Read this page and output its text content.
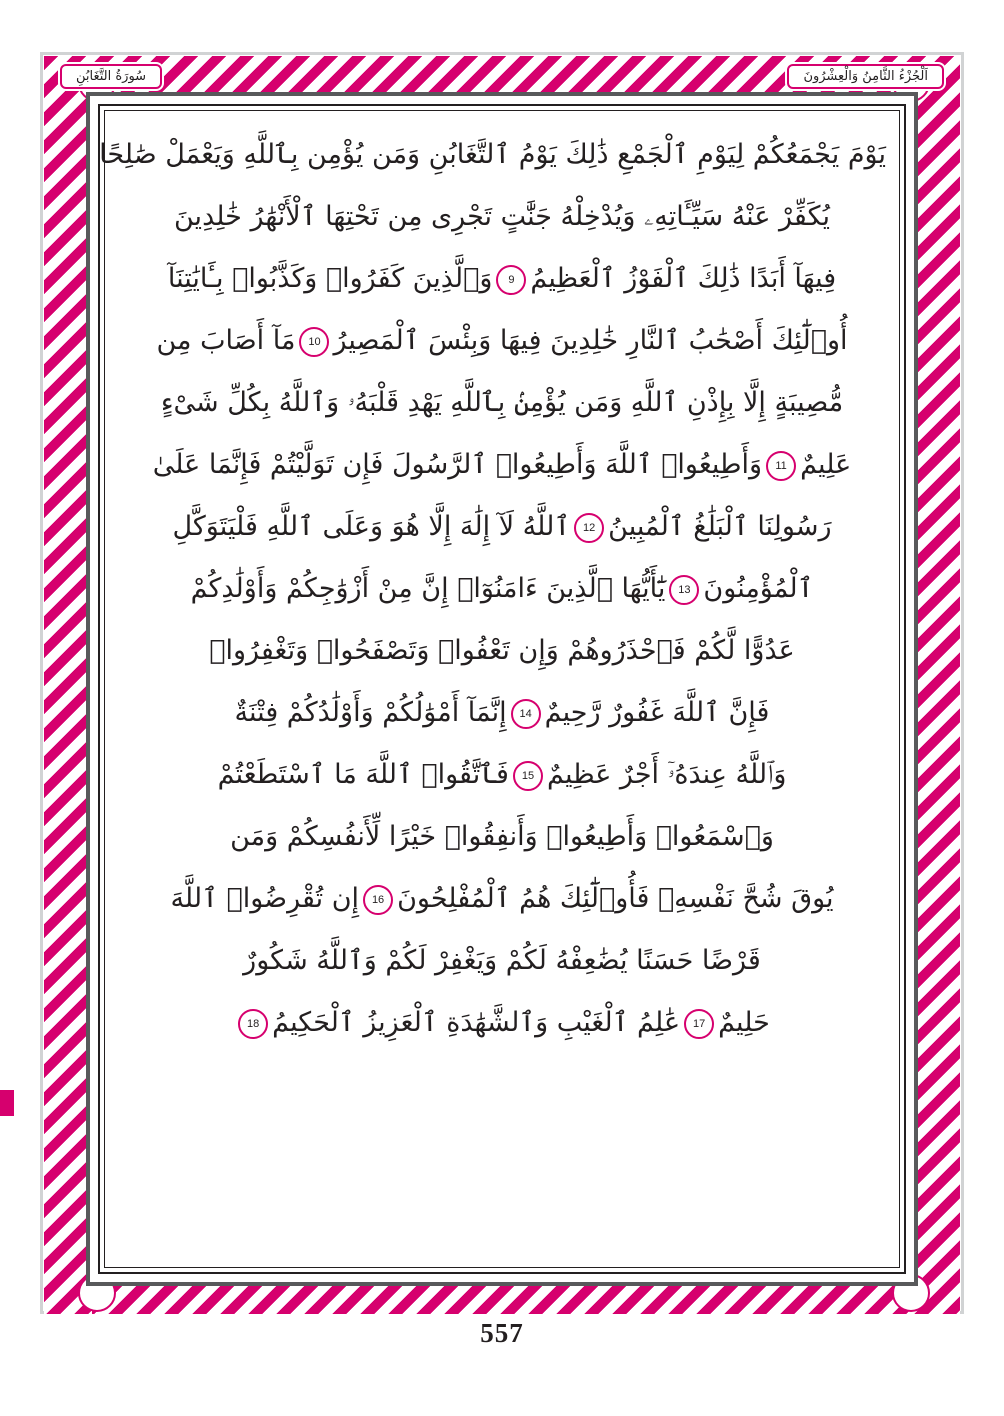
سُورَةُ التَّغَابُنِ	اَلْجُزْءُ الثَّامِنُ وَالْعِشْرُونَ
يَوْمَ يَجْمَعُكُمْ لِيَوْمِ ٱلْجَمْعِ ذَٰلِكَ يَوْمُ ٱلتَّغَابُنِ وَمَن يُؤْمِن بِٱللَّهِ وَيَعْمَلْ صَٰلِحًا
يُكَفِّرْ عَنْهُ سَيِّـَٔاتِهِۦ وَيُدْخِلْهُ جَنَّٰتٍ تَجْرِى مِن تَحْتِهَا ٱلْأَنْهَٰرُ خَٰلِدِينَ
فِيهَآ أَبَدًا ذَٰلِكَ ٱلْفَوْزُ ٱلْعَظِيمُ9وَٱلَّذِينَ كَفَرُوا۟ وَكَذَّبُوا۟ بِـَٔايَٰتِنَآ
أُو۟لَٰٓئِكَ أَصْحَٰبُ ٱلنَّارِ خَٰلِدِينَ فِيهَا وَبِئْسَ ٱلْمَصِيرُ10مَآ أَصَابَ مِن
مُّصِيبَةٍ إِلَّا بِإِذْنِ ٱللَّهِ وَمَن يُؤْمِنۢ بِٱللَّهِ يَهْدِ قَلْبَهُۥ وَٱللَّهُ بِكُلِّ شَىْءٍ
عَلِيمٌ11وَأَطِيعُوا۟ ٱللَّهَ وَأَطِيعُوا۟ ٱلرَّسُولَ فَإِن تَوَلَّيْتُمْ فَإِنَّمَا عَلَىٰ
رَسُولِنَا ٱلْبَلَٰغُ ٱلْمُبِينُ12ٱللَّهُ لَآ إِلَٰهَ إِلَّا هُوَ وَعَلَى ٱللَّهِ فَلْيَتَوَكَّلِ
ٱلْمُؤْمِنُونَ13يَٰٓأَيُّهَا ٱلَّذِينَ ءَامَنُوٓا۟ إِنَّ مِنْ أَزْوَٰجِكُمْ وَأَوْلَٰدِكُمْ
عَدُوًّا لَّكُمْ فَٱحْذَرُوهُمْ وَإِن تَعْفُوا۟ وَتَصْفَحُوا۟ وَتَغْفِرُوا۟
فَإِنَّ ٱللَّهَ غَفُورٌ رَّحِيمٌ14إِنَّمَآ أَمْوَٰلُكُمْ وَأَوْلَٰدُكُمْ فِتْنَةٌ
وَٱللَّهُ عِندَهُۥٓ أَجْرٌ عَظِيمٌ15فَٱتَّقُوا۟ ٱللَّهَ مَا ٱسْتَطَعْتُمْ
وَٱسْمَعُوا۟ وَأَطِيعُوا۟ وَأَنفِقُوا۟ خَيْرًا لِّأَنفُسِكُمْ وَمَن
يُوقَ شُحَّ نَفْسِهِۦ فَأُو۟لَٰٓئِكَ هُمُ ٱلْمُفْلِحُونَ16إِن تُقْرِضُوا۟ ٱللَّهَ
قَرْضًا حَسَنًا يُضَٰعِفْهُ لَكُمْ وَيَغْفِرْ لَكُمْ وَٱللَّهُ شَكُورٌ
حَلِيمٌ17عَٰلِمُ ٱلْغَيْبِ وَٱلشَّهَٰدَةِ ٱلْعَزِيزُ ٱلْحَكِيمُ18
557
